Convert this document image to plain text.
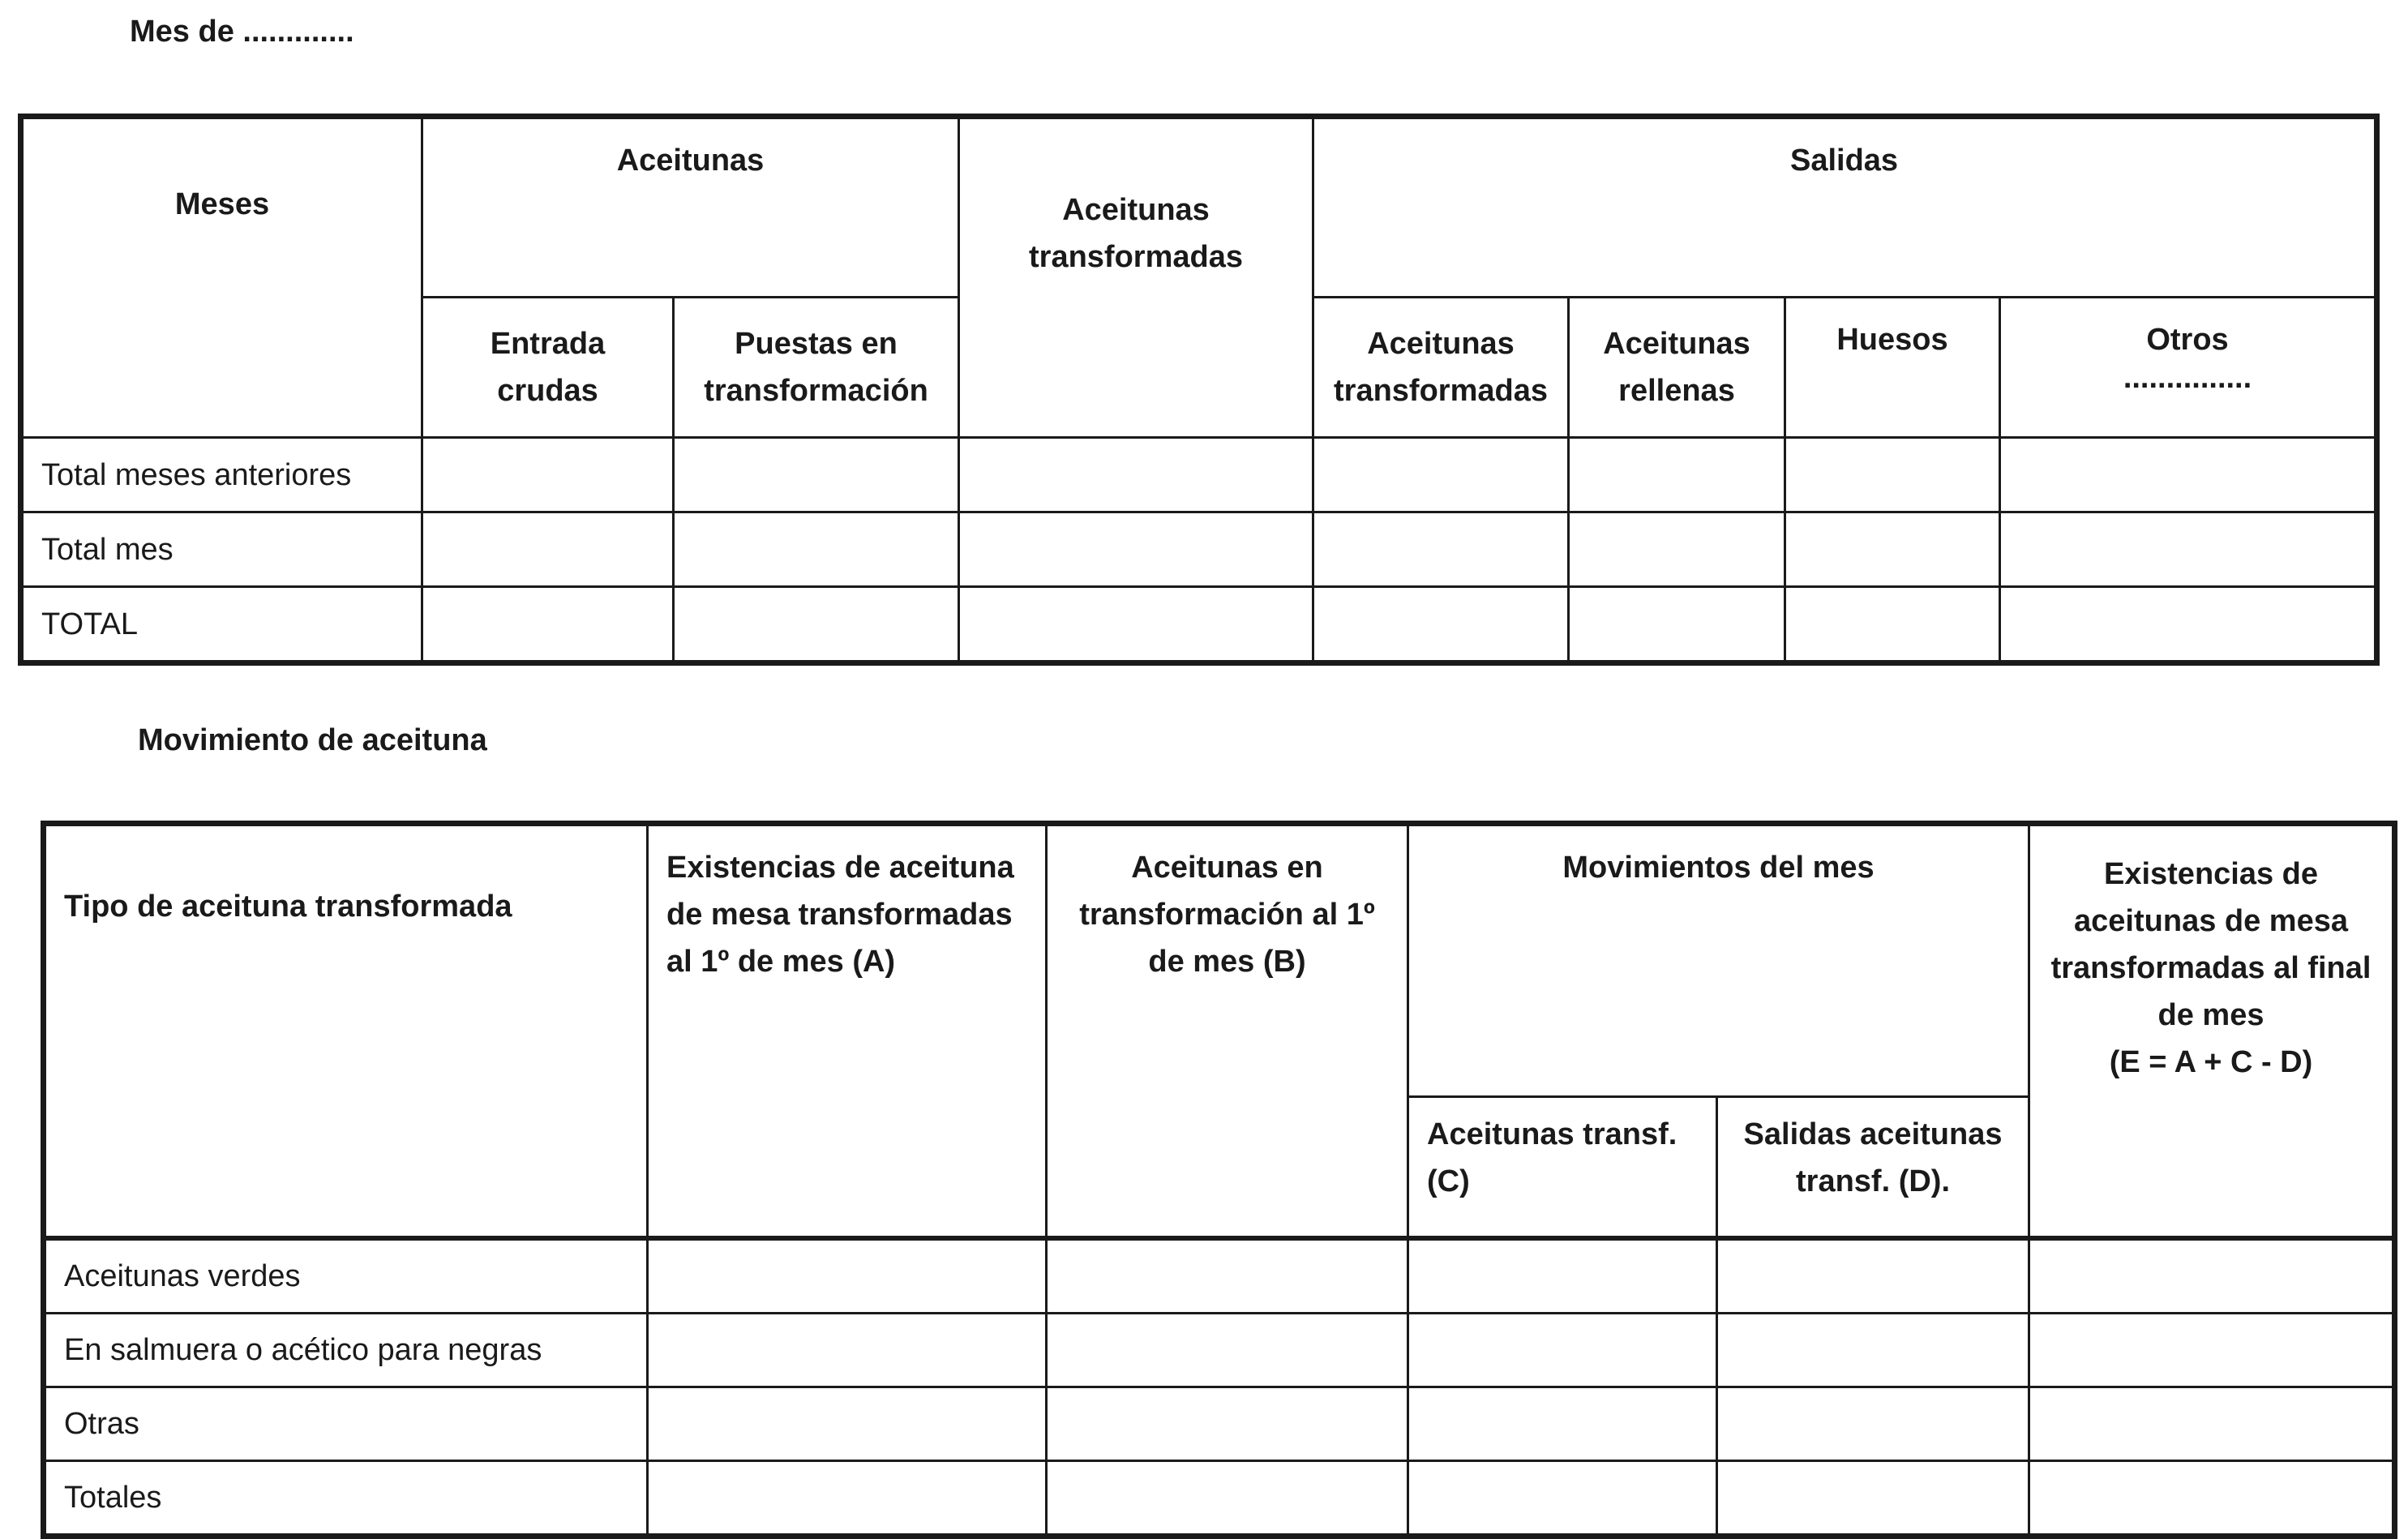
Mes de .............
Meses	Aceitunas		Aceitunas transformadas	Salidas			

	Entrada crudas	Puestas en transformación		Aceitunas transformadas	Aceitunas rellenas	Huesos	Otros
...............

Total meses anteriores							
Total mes							
TOTAL							
Movimiento de aceituna
Tipo de aceituna transformada	Existencias de aceituna de mesa transformadas al 1º de mes (A)	Aceitunas en transformación al 1º de mes (B)	Movimientos del mes		Existencias de aceitunas de mesa transformadas al final de mes
(E = A + C - D)

			Aceitunas transf. (C)	Salidas aceitunas transf. (D).	

Aceitunas verdes					
En salmuera o acético para negras					
Otras					
Totales					
